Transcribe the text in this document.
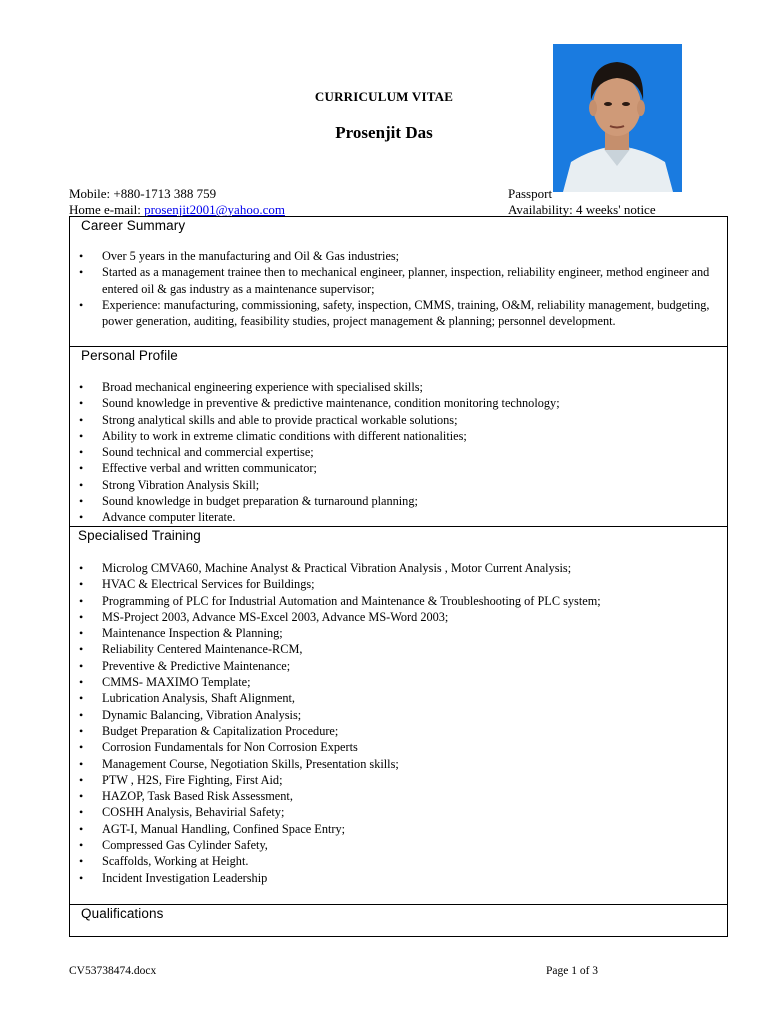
CURRICULUM VITAE
Prosenjit Das
Mobile: +880-1713 388 759
Home e-mail: prosenjit2001@yahoo.com
Passport
Availability: 4 weeks' notice
Career Summary
• Over 5 years in the manufacturing and Oil & Gas industries;
• Started as a management trainee then to mechanical engineer, planner, inspection, reliability engineer, method engineer and entered oil & gas industry as a maintenance supervisor;
• Experience: manufacturing, commissioning, safety, inspection, CMMS, training, O&M, reliability management, budgeting, power generation, auditing, feasibility studies, project management & planning; personnel development.
Personal Profile
• Broad mechanical engineering experience with specialised skills;
• Sound knowledge in preventive & predictive maintenance, condition monitoring technology;
• Strong analytical skills and able to provide practical workable solutions;
• Ability to work in extreme climatic conditions with different nationalities;
• Sound technical and commercial expertise;
• Effective verbal and written communicator;
• Strong Vibration Analysis Skill;
• Sound knowledge in budget preparation & turnaround planning;
• Advance computer literate.
Specialised Training
• Microlog CMVA60, Machine Analyst & Practical Vibration Analysis , Motor Current Analysis;
• HVAC & Electrical Services for Buildings;
• Programming of PLC for Industrial Automation and Maintenance & Troubleshooting of PLC system;
• MS-Project 2003, Advance MS-Excel 2003, Advance MS-Word 2003;
• Maintenance Inspection & Planning;
• Reliability Centered Maintenance-RCM,
• Preventive & Predictive Maintenance;
• CMMS- MAXIMO Template;
• Lubrication Analysis, Shaft Alignment,
• Dynamic Balancing, Vibration Analysis;
• Budget Preparation & Capitalization Procedure;
• Corrosion Fundamentals for Non Corrosion Experts
• Management Course, Negotiation Skills, Presentation skills;
• PTW , H2S, Fire Fighting, First Aid;
• HAZOP, Task Based Risk Assessment,
• COSHH Analysis, Behavirial Safety;
• AGT-I, Manual Handling, Confined Space Entry;
• Compressed Gas Cylinder Safety,
• Scaffolds, Working at Height.
• Incident Investigation Leadership
Qualifications
CV53738474.docx	Page 1 of 3
